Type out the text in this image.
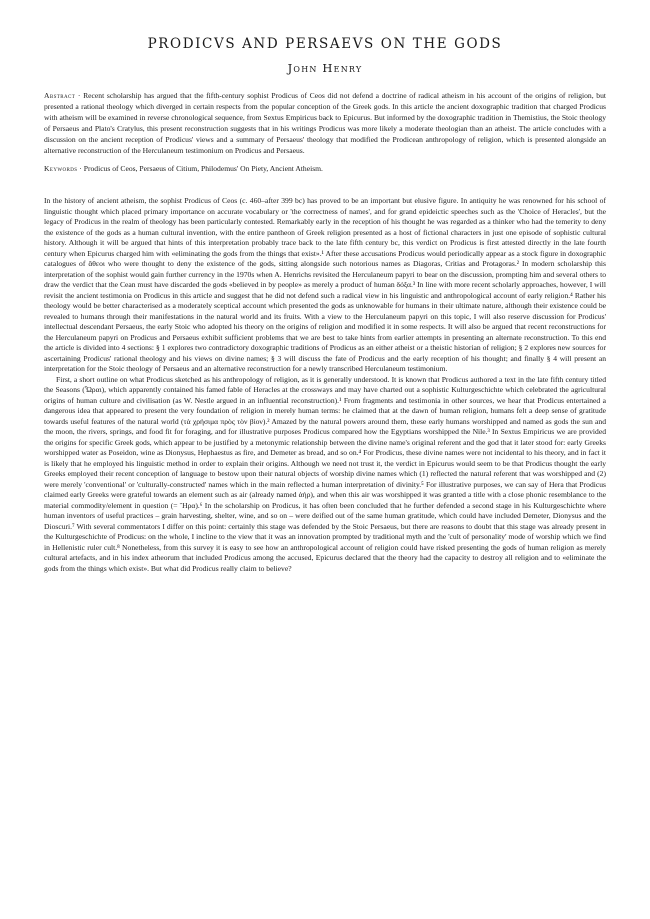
PRODICVS AND PERSAEVS ON THE GODS
John Henry

Abstract · Recent scholarship has argued that the fifth-century sophist Prodicus of Ceos did not defend a doctrine of radical atheism in his account of the origins of religion, but presented a rational theology which diverged in certain respects from the popular conception of the Greek gods. In this article the ancient doxographic tradition that charged Prodicus with atheism will be examined in reverse chronological sequence, from Sextus Empiricus back to Epicurus. But informed by the doxographic tradition in Themistius, the Stoic theology of Persaeus and Plato's Cratylus, this present reconstruction suggests that in his writings Prodicus was more likely a moderate theologian than an atheist. The article concludes with a discussion on the ancient reception of Prodicus' views and a summary of Persaeus' theology that modified the Prodicean anthropology of religion, which is presented alongside an alternative reconstruction of the Herculaneum testimonium on Prodicus and Persaeus.

Keywords · Prodicus of Ceos, Persaeus of Citium, Philodemus' On Piety, Ancient Atheism.

In the history of ancient atheism, the sophist Prodicus of Ceos (c. 460–after 399 bc) has proved to be an important but elusive figure. In antiquity he was renowned for his school of linguistic thought which placed primary importance on accurate vocabulary or 'the correctness of names', and for grand epideictic speeches such as the 'Choice of Heracles', but the legacy of Prodicus in the realm of theology has been particularly contested. Remarkably early in the reception of his thought he was regarded as a thinker who had the temerity to deny the existence of the gods as a human cultural invention, with the entire pantheon of Greek religion presented as a host of fictional characters in just one episode of sophistic cultural history. Although it will be argued that hints of this interpretation probably trace back to the late fifth century bc, this verdict on Prodicus is first attested directly in the late fourth century when Epicurus charged him with «eliminating the gods from the things that exist».¹ After these accusations Prodicus would periodically appear as a stock figure in doxographic catalogues of ἄθεοι who were thought to deny the existence of the gods, sitting alongside such notorious names as Diagoras, Critias and Protagoras.² In modern scholarship this interpretation of the sophist would gain further currency in the 1970s when A. Henrichs revisited the Herculaneum papyri to bear on the discussion, prompting him and several others to draw the verdict that the Cean must have discarded the gods «believed in by people» as merely a product of human δόξα.³ In line with more recent scholarly approaches, however, I will revisit the ancient testimonia on Prodicus in this article and suggest that he did not defend such a radical view in his linguistic and anthropological account of early religion.⁴ Rather his theology would be better characterised as a moderately sceptical account which presented the gods as unknowable for humans in their ultimate nature, although their existence could be revealed to humans through their manifestations in the natural world and its fruits. With a view to the Herculaneum papyri on this topic, I will also reserve discussion for Prodicus' intellectual descendant Persaeus, the early Stoic who adopted his theory on the origins of religion and modified it in some respects. It will also be argued that recent reconstructions for the Herculaneum papyri on Prodicus and Persaeus exhibit sufficient problems that we are best to take hints from earlier attempts in presenting an alternate reconstruction. To this end the article is divided into 4 sections: § 1 explores two contradictory doxographic traditions of Prodicus as an either atheist or a theistic historian of religion; § 2 explores new sources for ascertaining Prodicus' rational theology and his views on divine names; § 3 will discuss the fate of Prodicus and the early reception of his thought; and finally § 4 will present an interpretation for the Stoic theology of Persaeus and an alternative reconstruction for a newly transcribed Herculaneum testimonium.

First, a short outline on what Prodicus sketched as his anthropology of religion, as it is generally understood. It is known that Prodicus authored a text in the late fifth century titled the Seasons (Ὧραι), which apparently contained his famed fable of Heracles at the crossways and may have charted out a sophistic Kulturgeschichte which celebrated the agricultural origins of human culture and civilisation (as W. Nestle argued in an influential reconstruction).¹ From fragments and testimonia in other sources, we hear that Prodicus entertained a dangerous idea that appeared to present the very foundation of religion in merely human terms: he claimed that at the dawn of human religion, humans felt a deep sense of gratitude towards useful features of the natural world (τὰ χρήσιμα πρὸς τὸν βίον).² Amazed by the natural powers around them, these early humans worshipped and named as gods the sun and the moon, the rivers, springs, and food fit for foraging, and for illustrative purposes Prodicus compared how the Egyptians worshipped the Nile.³ In Sextus Empiricus we are provided the origins for specific Greek gods, which appear to be justified by a metonymic relationship between the divine name's original referent and the god that it later stood for: early Greeks worshipped water as Poseidon, wine as Dionysus, Hephaestus as fire, and Demeter as bread, and so on.⁴ For Prodicus, these divine names were not incidental to his theory, and in fact it is likely that he employed his linguistic method in order to explain their origins. Although we need not trust it, the verdict in Epicurus would seem to be that Prodicus thought the early Greeks employed their recent conception of language to bestow upon their natural objects of worship divine names which (1) reflected the natural referent that was worshipped and (2) were merely 'conventional' or 'culturally-constructed' names which in the main reflected a human interpretation of divinity.⁵ For illustrative purposes, we can say of Hera that Prodicus claimed early Greeks were grateful towards an element such as air (already named ἀήρ), and when this air was worshipped it was granted a title with a close phonic resemblance to the material commodity/element in question (= Ἥρα).⁶ In the scholarship on Prodicus, it has often been concluded that he further defended a second stage in his Kulturgeschichte where human inventors of useful practices – grain harvesting, shelter, wine, and so on – were deified out of the same human gratitude, which could have included Demeter, Dionysus and the Dioscuri.⁷ With several commentators I differ on this point: certainly this stage was defended by the Stoic Persaeus, but there are reasons to doubt that this stage was already present in the Kulturgeschichte of Prodicus: on the whole, I incline to the view that it was an innovation prompted by traditional myth and the 'cult of personality' mode of worship which we find in Hellenistic ruler cult.⁸ Nonetheless, from this survey it is easy to see how an anthropological account of religion could have risked presenting the gods of human religion as merely cultural artefacts, and in his index atheorum that included Prodicus among the accused, Epicurus declared that the theory had the capacity to destroy all religion and to «eliminate the gods from the things which exist». But what did Prodicus really claim to believe?
